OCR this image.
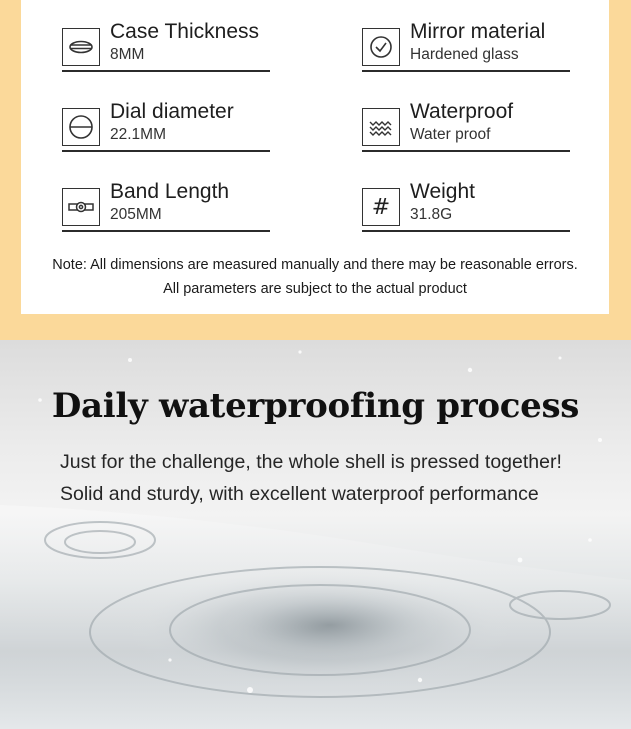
Case Thickness
8MM
Mirror material
Hardened glass
Dial diameter
22.1MM
Waterproof
Water proof
Band Length
205MM	#
Weight
31.8G
Note: All dimensions are measured manually and there may be reasonable errors.
All parameters are subject to the actual product
Daily waterproofing process
Just for the challenge, the whole shell is pressed together!
Solid and sturdy, with excellent waterproof performance
